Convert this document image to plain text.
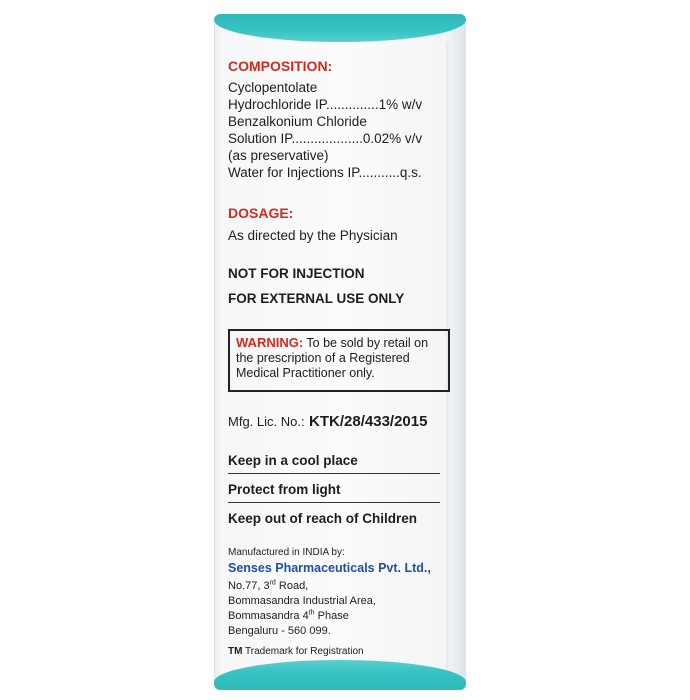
COMPOSITION:
Cyclopentolate
Hydrochloride IP..............1% w/v
Benzalkonium Chloride
Solution IP...................0.02% v/v
(as preservative)
Water for Injections IP...........q.s.
DOSAGE:
As directed by the Physician
NOT FOR INJECTION
FOR EXTERNAL USE ONLY
WARNING: To be sold by retail on
the prescription of a Registered
Medical Practitioner only.
Mfg. Lic. No.: KTK/28/433/2015
Keep in a cool place
Protect from light
Keep out of reach of Children
Manufactured in INDIA by:
Senses Pharmaceuticals Pvt. Ltd.,
No.77, 3rd Road,
Bommasandra Industrial Area,
Bommasandra 4th Phase
Bengaluru - 560 099.
TM Trademark for Registration
